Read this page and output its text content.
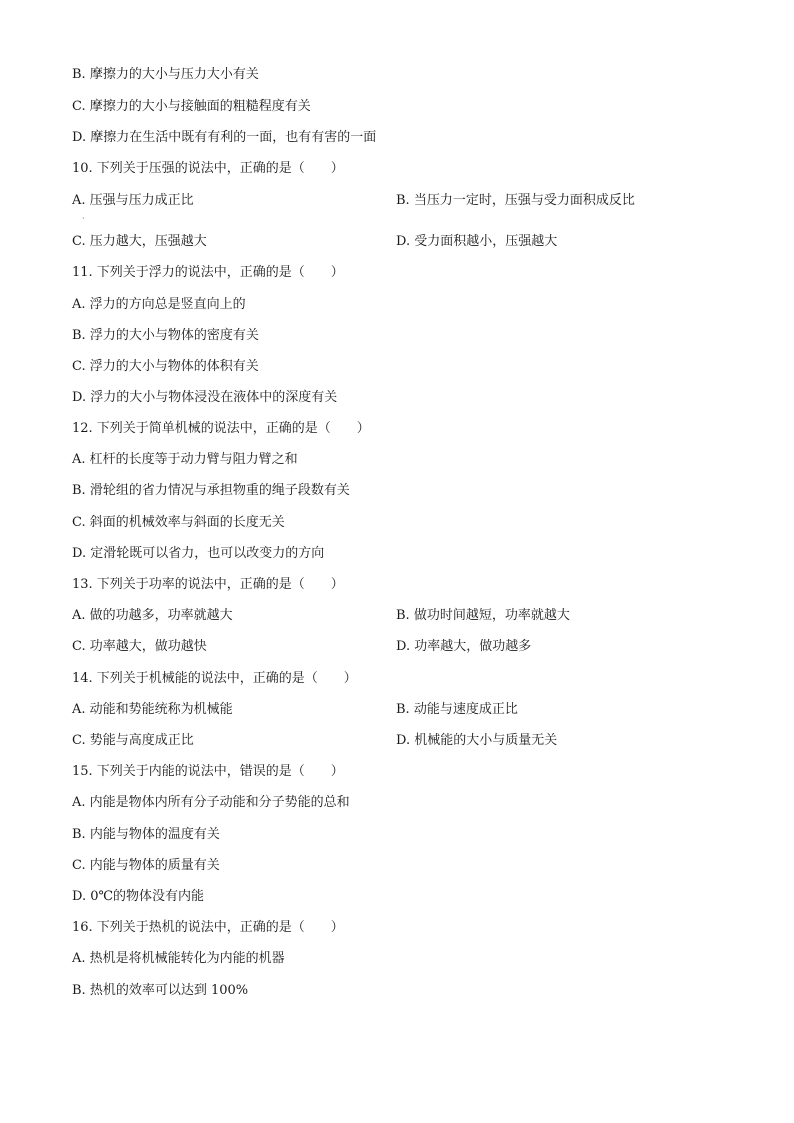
B. 摩擦力的大小与压力大小有关
C. 摩擦力的大小与接触面的粗糙程度有关
D. 摩擦力在生活中既有有利的一面，也有有害的一面
10. 下列关于压强的说法中，正确的是（　　）
A. 压强与压力成正比	B. 当压力一定时，压强与受力面积成反比
·
C. 压力越大，压强越大	D. 受力面积越小，压强越大
11. 下列关于浮力的说法中，正确的是（　　）
A. 浮力的方向总是竖直向上的
B. 浮力的大小与物体的密度有关
C. 浮力的大小与物体的体积有关
D. 浮力的大小与物体浸没在液体中的深度有关
12. 下列关于简单机械的说法中，正确的是（　　）
A. 杠杆的长度等于动力臂与阻力臂之和
B. 滑轮组的省力情况与承担物重的绳子段数有关
C. 斜面的机械效率与斜面的长度无关
D. 定滑轮既可以省力，也可以改变力的方向
13. 下列关于功率的说法中，正确的是（　　）
A. 做的功越多，功率就越大	B. 做功时间越短，功率就越大
C. 功率越大，做功越快	D. 功率越大，做功越多
14. 下列关于机械能的说法中，正确的是（　　）
A. 动能和势能统称为机械能	B. 动能与速度成正比
C. 势能与高度成正比	D. 机械能的大小与质量无关
15. 下列关于内能的说法中，错误的是（　　）
A. 内能是物体内所有分子动能和分子势能的总和
B. 内能与物体的温度有关
C. 内能与物体的质量有关
D. 0℃的物体没有内能
16. 下列关于热机的说法中，正确的是（　　）
A. 热机是将机械能转化为内能的机器
B. 热机的效率可以达到 100%
